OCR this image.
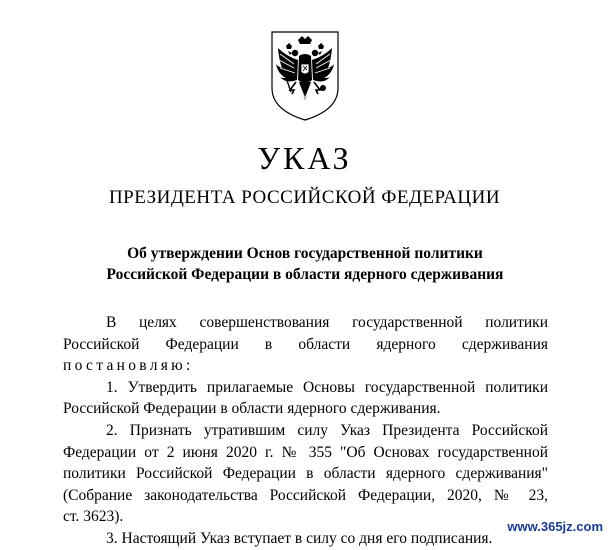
УКАЗ
ПРЕЗИДЕНТА РОССИЙСКОЙ ФЕДЕРАЦИИ
Об утверждении Основ государственной политики
Российской Федерации в области ядерного сдерживания
В целях совершенствования государственной политики
Российской Федерации в области ядерного сдерживания
постановляю:
1. Утвердить прилагаемые Основы государственной политики
Российской Федерации в области ядерного сдерживания.
2. Признать утратившим силу Указ Президента Российской
Федерации от 2 июня 2020 г. № 355 "Об Основах государственной
политики Российской Федерации в области ядерного сдерживания"
(Собрание законодательства Российской Федерации, 2020, № 23,
ст. 3623).
3. Настоящий Указ вступает в силу со дня его подписания.
www.365jz.com
